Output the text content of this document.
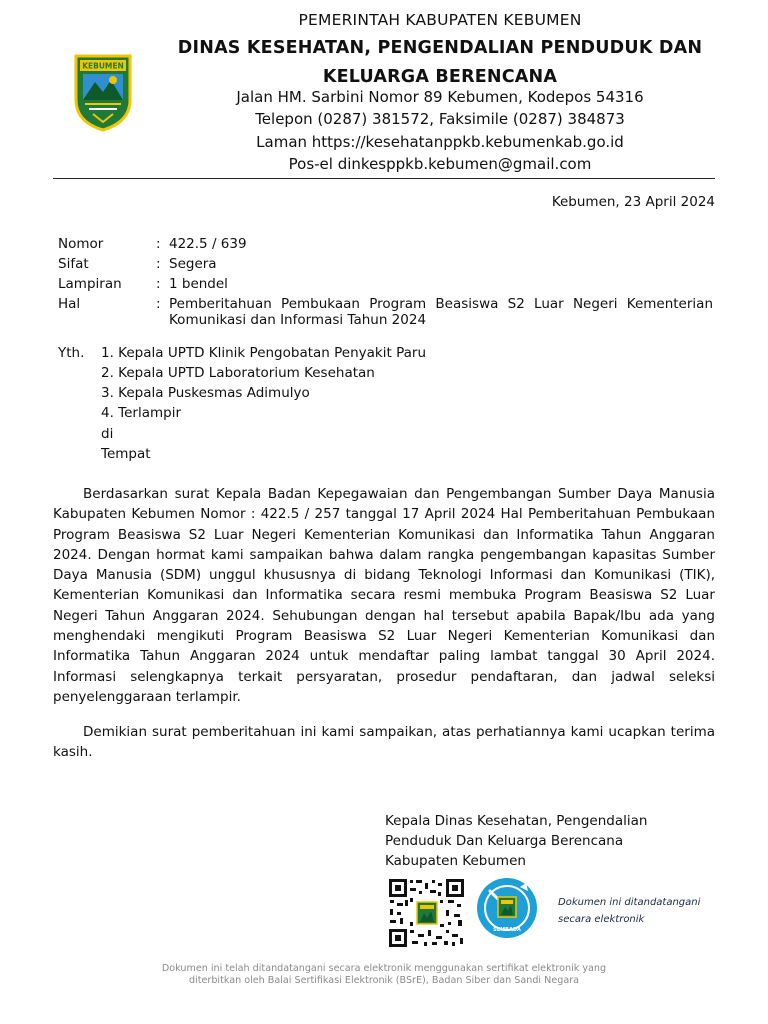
KEBUMEN
PEMERINTAH KABUPATEN KEBUMEN
DINAS KESEHATAN, PENGENDALIAN PENDUDUK DAN
KELUARGA BERENCANA
Jalan HM. Sarbini Nomor 89 Kebumen, Kodepos 54316
Telepon (0287) 381572, Faksimile (0287) 384873
Laman https://kesehatanppkb.kebumenkab.go.id
Pos-el dinkesppkb.kebumen@gmail.com
Kebumen, 23 April 2024
Nomor	: 422.5 / 639
Sifat	: Segera
Lampiran	: 1 bendel
Hal	: Pemberitahuan Pembukaan Program Beasiswa S2 Luar Negeri Kementerian Komunikasi dan Informasi Tahun 2024
Yth. 1. Kepala UPTD Klinik Pengobatan Penyakit Paru
2. Kepala UPTD Laboratorium Kesehatan
3. Kepala Puskesmas Adimulyo
4. Terlampir
di
Tempat
Berdasarkan surat Kepala Badan Kepegawaian dan Pengembangan Sumber Daya Manusia Kabupaten Kebumen Nomor : 422.5 / 257 tanggal 17 April 2024 Hal Pemberitahuan Pembukaan Program Beasiswa S2 Luar Negeri Kementerian Komunikasi dan Informatika Tahun Anggaran 2024. Dengan hormat kami sampaikan bahwa dalam rangka pengembangan kapasitas Sumber Daya Manusia (SDM) unggul khususnya di bidang Teknologi Informasi dan Komunikasi (TIK), Kementerian Komunikasi dan Informatika secara resmi membuka Program Beasiswa S2 Luar Negeri Tahun Anggaran 2024. Sehubungan dengan hal tersebut apabila Bapak/Ibu ada yang menghendaki mengikuti Program Beasiswa S2 Luar Negeri Kementerian Komunikasi dan Informatika Tahun Anggaran 2024 untuk mendaftar paling lambat tanggal 30 April 2024. Informasi selengkapnya terkait persyaratan, prosedur pendaftaran, dan jadwal seleksi penyelenggaraan terlampir.
Demikian surat pemberitahuan ini kami sampaikan, atas perhatiannya kami ucapkan terima kasih.
Kepala Dinas Kesehatan, Pengendalian
Penduduk Dan Keluarga Berencana
Kabupaten Kebumen
SEMBADA
Dokumen ini ditandatangani
secara elektronik
Dokumen ini telah ditandatangani secara elektronik menggunakan sertifikat elektronik yang
diterbitkan oleh Balai Sertifikasi Elektronik (BSrE), Badan Siber dan Sandi Negara
